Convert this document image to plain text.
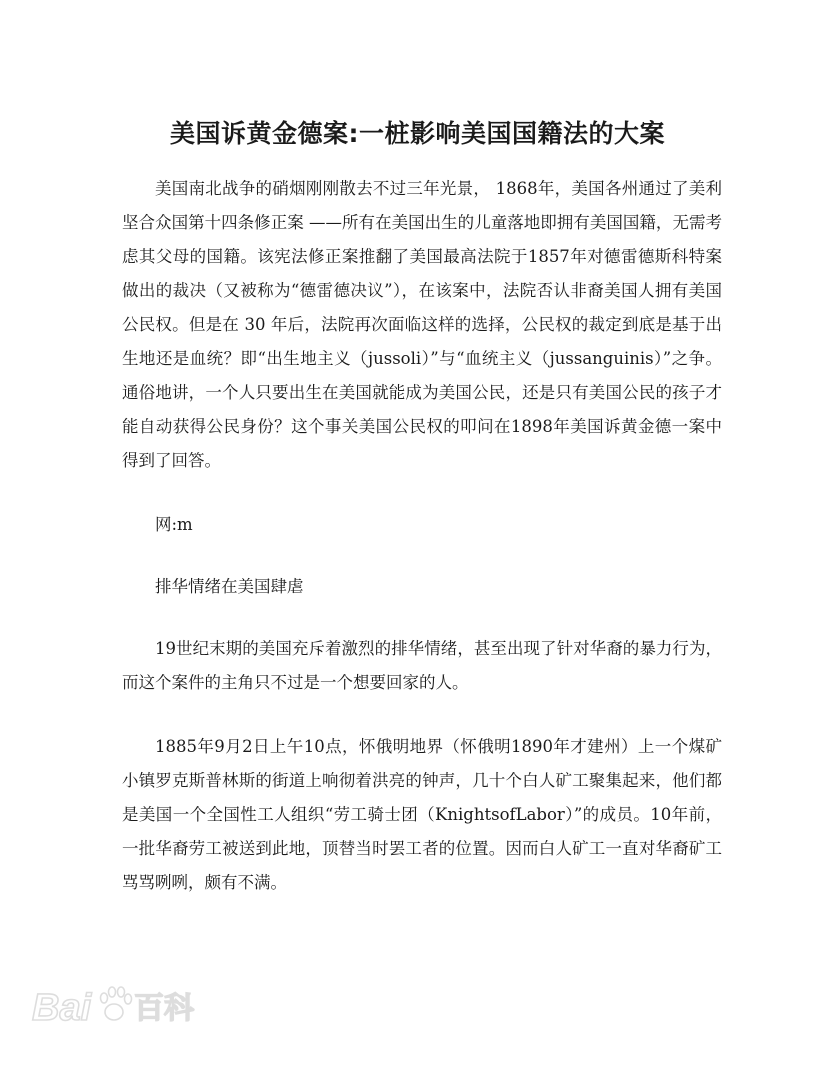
美国诉黄金德案:一桩影响美国国籍法的大案

美国南北战争的硝烟刚刚散去不过三年光景， 1868年，美国各州通过了美利坚合众国第十四条修正案 ——所有在美国出生的儿童落地即拥有美国国籍，无需考虑其父母的国籍。该宪法修正案推翻了美国最高法院于1857年对德雷德斯科特案做出的裁决（又被称为“德雷德决议”），在该案中，法院否认非裔美国人拥有美国公民权。但是在 30 年后，法院再次面临这样的选择，公民权的裁定到底是基于出生地还是血统？即“出生地主义（jussoli）”与“血统主义（jussanguinis）”之争。通俗地讲，一个人只要出生在美国就能成为美国公民，还是只有美国公民的孩子才能自动获得公民身份？这个事关美国公民权的叩问在1898年美国诉黄金德一案中得到了回答。

网:m

排华情绪在美国肆虐

19世纪末期的美国充斥着激烈的排华情绪，甚至出现了针对华裔的暴力行为，而这个案件的主角只不过是一个想要回家的人。

1885年9月2日上午10点，怀俄明地界（怀俄明1890年才建州）上一个煤矿小镇罗克斯普林斯的街道上响彻着洪亮的钟声，几十个白人矿工聚集起来，他们都是美国一个全国性工人组织“劳工骑士团（KnightsofLabor）”的成员。10年前，一批华裔劳工被送到此地，顶替当时罢工者的位置。因而白人矿工一直对华裔矿工骂骂咧咧，颇有不满。

Bai 百科
